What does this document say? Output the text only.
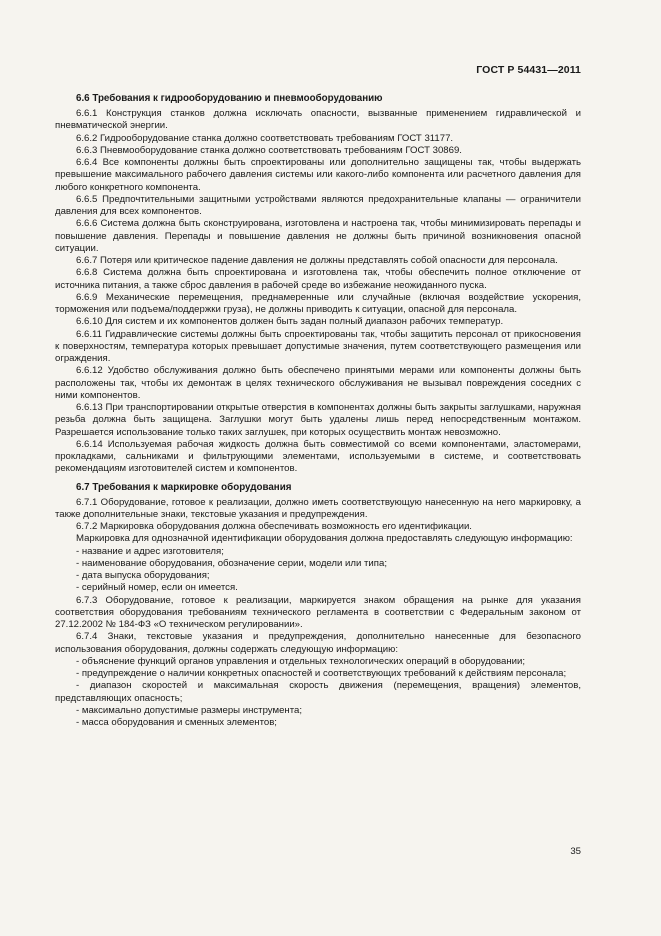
ГОСТ Р 54431—2011
6.6 Требования к гидрооборудованию и пневмооборудованию

6.6.1 Конструкция станков должна исключать опасности, вызванные применением гидравлической и пневматической энергии.

6.6.2 Гидрооборудование станка должно соответствовать требованиям ГОСТ 31177.

6.6.3 Пневмооборудование станка должно соответствовать требованиям ГОСТ 30869.

6.6.4 Все компоненты должны быть спроектированы или дополнительно защищены так, чтобы выдержать превышение максимального рабочего давления системы или какого-либо компонента или расчетного давления для любого конкретного компонента.

6.6.5 Предпочтительными защитными устройствами являются предохранительные клапаны — ограничители давления для всех компонентов.

6.6.6 Система должна быть сконструирована, изготовлена и настроена так, чтобы минимизировать перепады и повышение давления. Перепады и повышение давления не должны быть причиной возникновения опасной ситуации.

6.6.7 Потеря или критическое падение давления не должны представлять собой опасности для персонала.

6.6.8 Система должна быть спроектирована и изготовлена так, чтобы обеспечить полное отключение от источника питания, а также сброс давления в рабочей среде во избежание неожиданного пуска.

6.6.9 Механические перемещения, преднамеренные или случайные (включая воздействие ускорения, торможения или подъема/поддержки груза), не должны приводить к ситуации, опасной для персонала.

6.6.10 Для систем и их компонентов должен быть задан полный диапазон рабочих температур.

6.6.11 Гидравлические системы должны быть спроектированы так, чтобы защитить персонал от прикосновения к поверхностям, температура которых превышает допустимые значения, путем соответствующего размещения или ограждения.

6.6.12 Удобство обслуживания должно быть обеспечено принятыми мерами или компоненты должны быть расположены так, чтобы их демонтаж в целях технического обслуживания не вызывал повреждения соседних с ними компонентов.

6.6.13 При транспортировании открытые отверстия в компонентах должны быть закрыты заглушками, наружная резьба должна быть защищена. Заглушки могут быть удалены лишь перед непосредственным монтажом. Разрешается использование только таких заглушек, при которых осуществить монтаж невозможно.

6.6.14 Используемая рабочая жидкость должна быть совместимой со всеми компонентами, эластомерами, прокладками, сальниками и фильтрующими элементами, используемыми в системе, и соответствовать рекомендациям изготовителей систем и компонентов.

6.7 Требования к маркировке оборудования

6.7.1 Оборудование, готовое к реализации, должно иметь соответствующую нанесенную на него маркировку, а также дополнительные знаки, текстовые указания и предупреждения.

6.7.2 Маркировка оборудования должна обеспечивать возможность его идентификации.

Маркировка для однозначной идентификации оборудования должна предоставлять следующую информацию:

- название и адрес изготовителя;

- наименование оборудования, обозначение серии, модели или типа;

- дата выпуска оборудования;

- серийный номер, если он имеется.

6.7.3 Оборудование, готовое к реализации, маркируется знаком обращения на рынке для указания соответствия оборудования требованиям технического регламента в соответствии с Федеральным законом от 27.12.2002 № 184-ФЗ «О техническом регулировании».

6.7.4 Знаки, текстовые указания и предупреждения, дополнительно нанесенные для безопасного использования оборудования, должны содержать следующую информацию:

- объяснение функций органов управления и отдельных технологических операций в оборудовании;

- предупреждение о наличии конкретных опасностей и соответствующих требований к действиям персонала;

- диапазон скоростей и максимальная скорость движения (перемещения, вращения) элементов, представляющих опасность;

- максимально допустимые размеры инструмента;

- масса оборудования и сменных элементов;

35
